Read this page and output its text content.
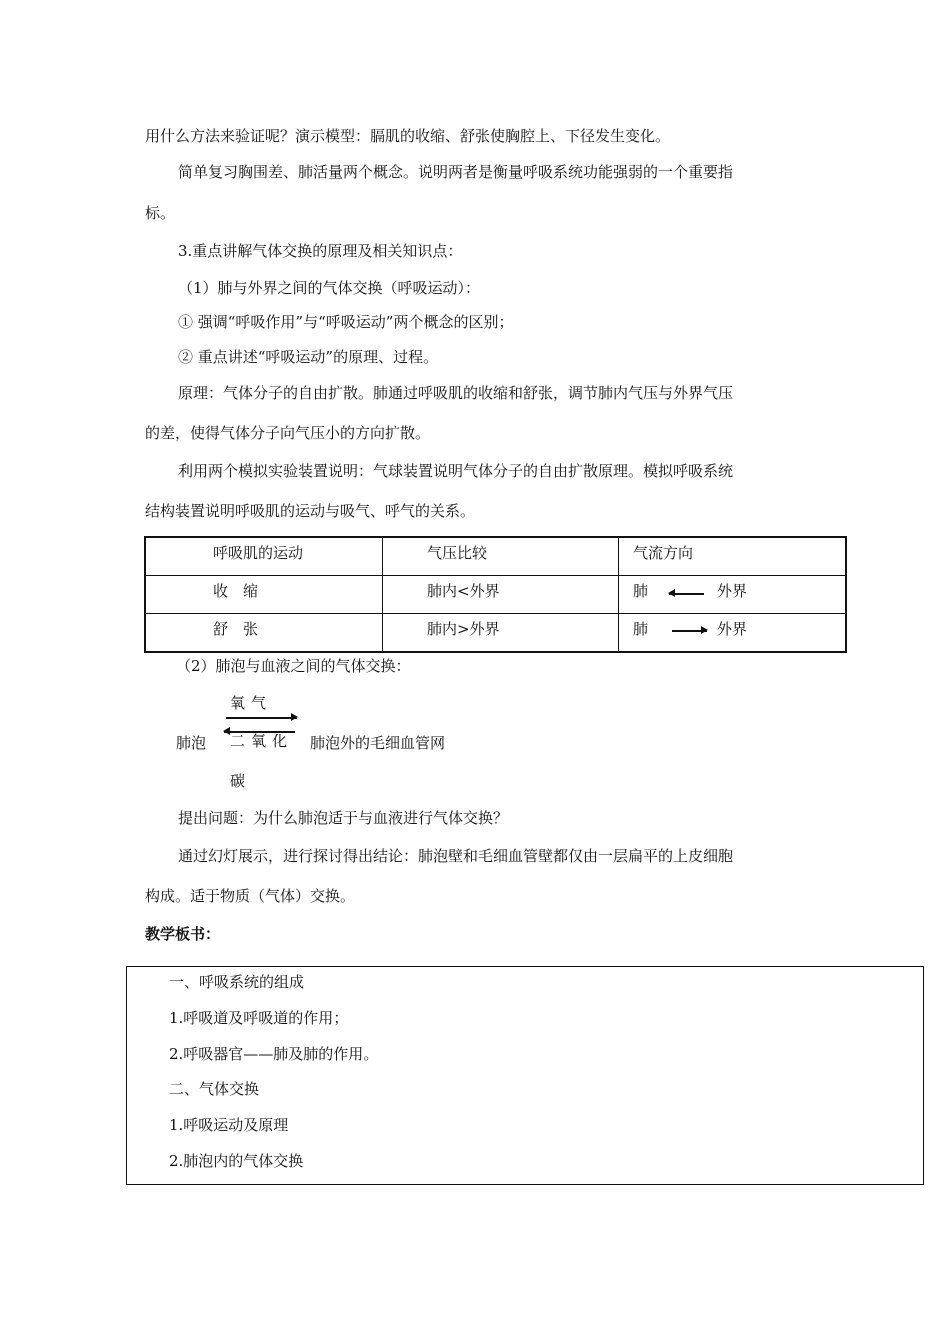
用什么方法来验证呢？演示模型：膈肌的收缩、舒张使胸腔上、下径发生变化。
简单复习胸围差、肺活量两个概念。说明两者是衡量呼吸系统功能强弱的一个重要指
标。
3.重点讲解气体交换的原理及相关知识点：
（1）肺与外界之间的气体交换（呼吸运动）：
① 强调“呼吸作用”与“呼吸运动”两个概念的区别；
② 重点讲述“呼吸运动”的原理、过程。
原理：气体分子的自由扩散。肺通过呼吸肌的收缩和舒张，调节肺内气压与外界气压
的差，使得气体分子向气压小的方向扩散。
利用两个模拟实验装置说明：气球装置说明气体分子的自由扩散原理。模拟呼吸系统
结构装置说明呼吸肌的运动与吸气、呼气的关系。
呼吸肌的运动	气压比较	气流方向
收　缩	肺内<外界	肺	外界
舒　张	肺内>外界	肺	外界
（2）肺泡与血液之间的气体交换：
氧气
肺泡 二氧化 肺泡外的毛细血管网
碳
提出问题：为什么肺泡适于与血液进行气体交换？
通过幻灯展示，进行探讨得出结论：肺泡壁和毛细血管壁都仅由一层扁平的上皮细胞
构成。适于物质（气体）交换。
教学板书：
一、呼吸系统的组成
1.呼吸道及呼吸道的作用；
2.呼吸器官——肺及肺的作用。
二、气体交换
1.呼吸运动及原理
2.肺泡内的气体交换
